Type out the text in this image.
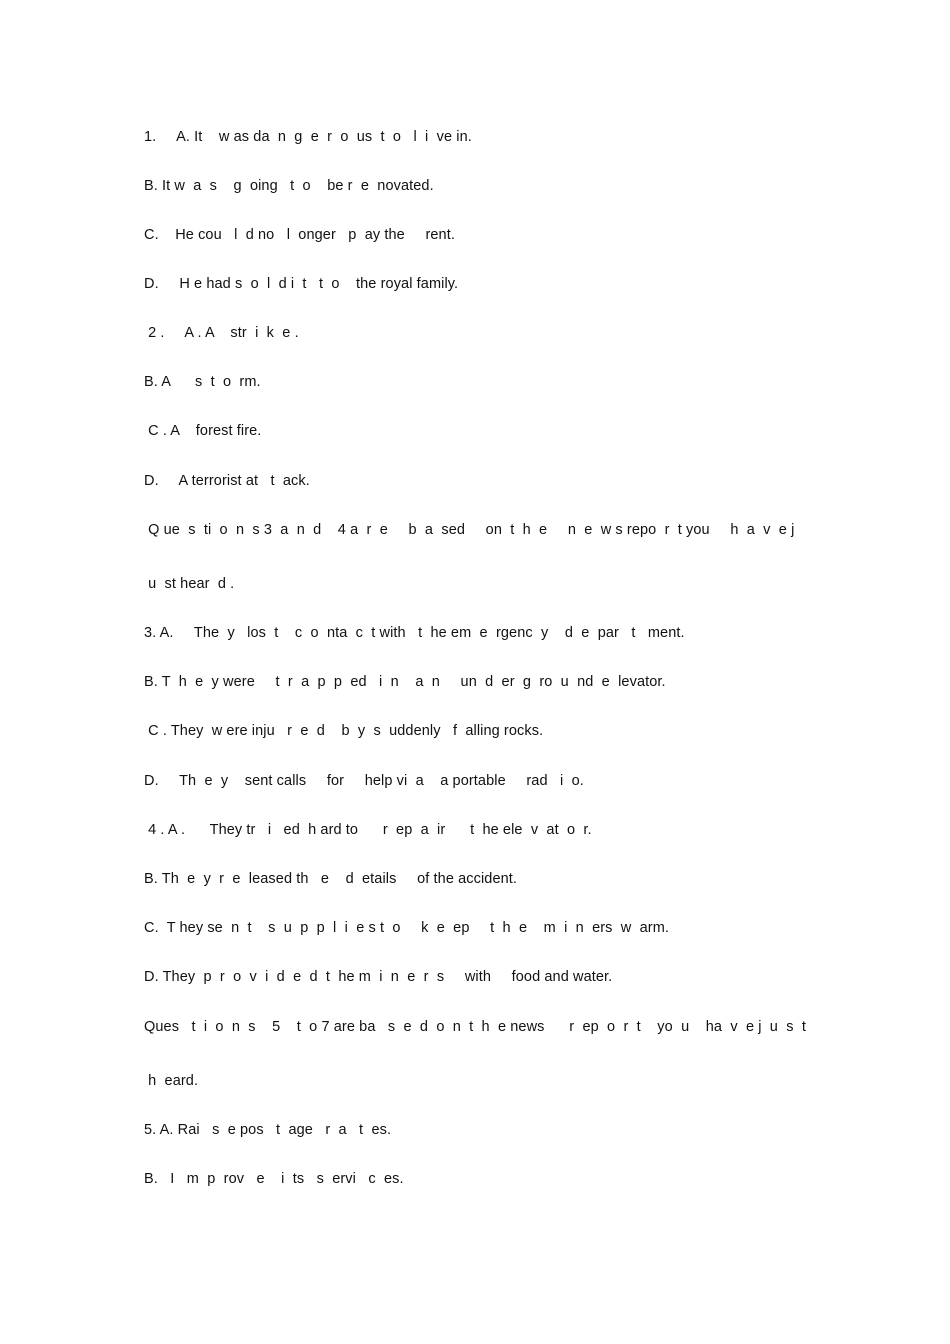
1.     A. It    w as da  n  g  e  r  o  us  t  o   l  i  ve in.
B. It w  a  s    g  oing   t  o    be r  e  novated.
C.    He cou   l  d no   l  onger   p  ay the     rent.
D.     H e had s  o  l  d i  t   t  o    the royal family.
2 .     A . A    str  i  k  e .
B. A      s  t  o  rm.
C . A    forest fire.
D.     A terrorist at   t  ack.
Q ue  s  ti  o  n  s 3  a  n  d    4 a  r  e     b  a  sed     on  t  h  e     n  e  w s repo  r  t you     h  a  v  e j
u  st hear  d .
3. A.     The  y   los  t    c  o  nta  c  t with   t  he em  e  rgenc  y    d  e  par   t   ment.
B. T  h  e  y were     t  r  a  p  p  ed   i  n    a  n     un  d  er  g  ro  u  nd  e  levator.
C . They  w ere inju   r  e  d    b  y  s  uddenly   f  alling rocks.
D.     Th  e  y    sent calls     for     help vi  a    a portable     rad   i  o.
4 . A .      They tr   i   ed  h ard to      r  ep  a  ir      t  he ele  v  at  o  r.
B. Th  e  y  r  e  leased th   e    d  etails     of the accident.
C.  T hey se  n  t    s  u  p  p  l  i  e s t  o     k  e  ep     t  h  e    m  i  n  ers  w  arm.
D. They  p  r  o  v  i  d  e  d  t  he m  i  n  e  r  s     with     food and water.
Ques   t  i  o  n  s    5    t  o 7 are ba   s  e  d  o  n  t  h  e news      r  ep  o  r  t    yo  u    ha  v  e j  u  s  t
h  eard.
5. A. Rai   s  e pos   t  age   r  a   t  es.
B.   I   m  p  rov   e    i  ts   s  ervi   c  es.
